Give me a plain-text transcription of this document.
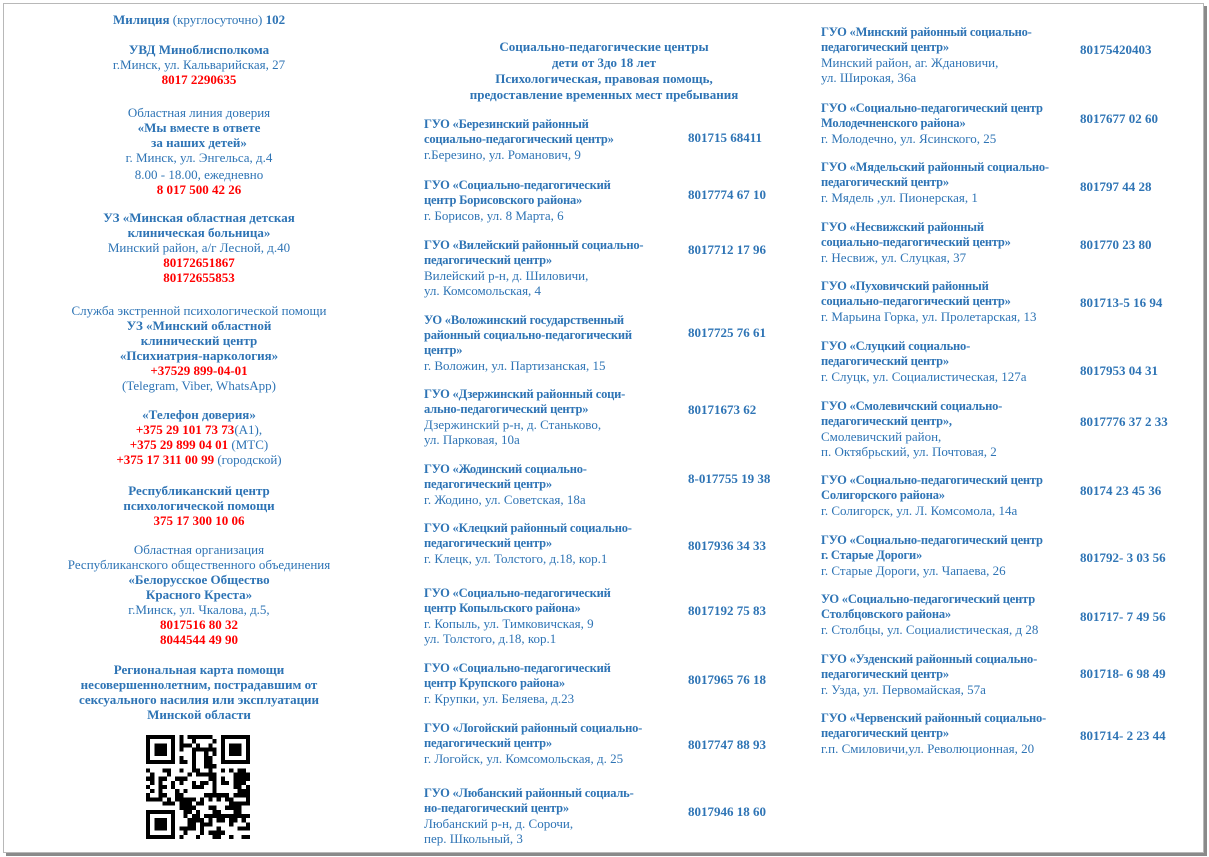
Милиция (круглосуточно) 102
УВД Миноблисполкома
г.Минск, ул. Кальварийская, 27
8017 2290635
Областная линия доверия
«Мы вместе в ответе
за наших детей»
г. Минск, ул. Энгельса, д.4
8.00 - 18.00, ежедневно
8 017 500 42 26
УЗ «Минская областная детская
клиническая больница»
Минский район, а/г Лесной, д.40
80172651867
80172655853
Служба экстренной психологической помощи
УЗ «Минский областной
клинический центр
«Психиатрия-наркология»
+37529 899-04-01
(Telegram, Viber, WhatsApp)
«Телефон доверия»
+375 29 101 73 73(A1),
+375 29 899 04 01 (МТС)
+375 17 311 00 99 (городской)
Республиканский центр
психологической помощи
375 17 300 10 06
Областная организация
Республиканского общественного объединения
«Белорусское Общество
Красного Креста»
г.Минск, ул. Чкалова, д.5,
8017516 80 32
8044544 49 90
Региональная карта помощи
несовершеннолетним, пострадавшим от
сексуального насилия или эксплуатации
Минской области
Социально-педагогические центры
дети от 3до 18 лет
Психологическая, правовая помощь,
предоставление временных мест пребывания
ГУО «Березинский районный
социально-педагогический центр»
г.Березино, ул. Романович, 9
801715 68411
ГУО «Социально-педагогический
центр Борисовского района»
г. Борисов, ул. 8 Марта, 6
8017774 67 10
ГУО «Вилейский районный социально-
педагогический центр»
Вилейский р-н, д. Шиловичи,
ул. Комсомольская, 4
8017712 17 96
УО «Воложинский государственный
районный социально-педагогический
центр»
г. Воложин, ул. Партизанская, 15
8017725 76 61
ГУО «Дзержинский районный соци-
ально-педагогический центр»
Дзержинский р-н, д. Станьково,
ул. Парковая, 10а
80171673 62
ГУО «Жодинский социально-
педагогический центр»
г. Жодино, ул. Советская, 18а
8-017755 19 38
ГУО «Клецкий районный социально-
педагогический центр»
г. Клецк, ул. Толстого, д.18, кор.1
8017936 34 33
ГУО «Социально-педагогический
центр Копыльского района»
г. Копыль, ул. Тимковичская, 9
ул. Толстого, д.18, кор.1
8017192 75 83
ГУО «Социально-педагогический
центр Крупского района»
г. Крупки, ул. Беляева, д.23
8017965 76 18
ГУО «Логойский районный социально-
педагогический центр»
г. Логойск, ул. Комсомольская, д. 25
8017747 88 93
ГУО «Любанский районный социаль-
но-педагогический центр»
Любанский р-н, д. Сорочи,
пер. Школьный, 3
8017946 18 60
ГУО «Минский районный социально-
педагогический центр»
Минский район, аг. Ждановичи,
ул. Широкая, 36а
80175420403
ГУО «Социально-педагогический центр
Молодечненского района»
г. Молодечно, ул. Ясинского, 25
8017677 02 60
ГУО «Мядельский районный социально-
педагогический центр»
г. Мядель ,ул. Пионерская, 1
801797 44 28
ГУО «Несвижский районный
социально-педагогический центр»
г. Несвиж, ул. Слуцкая, 37
801770 23 80
ГУО «Пуховичский районный
социально-педагогический центр»
г. Марьина Горка, ул. Пролетарская, 13
801713-5 16 94
ГУО «Слуцкий социально-
педагогический центр»
г. Слуцк, ул. Социалистическая, 127а	8017953 04 31
ГУО «Смолевичский социально-
педагогический центр»,
Смолевичский район,
п. Октябрьский, ул. Почтовая, 2
8017776 37 2 33
ГУО «Социально-педагогический центр
Солигорского района»
г. Солигорск, ул. Л. Комсомола, 14а
80174 23 45 36
ГУО «Социально-педагогический центр
г. Старые Дороги»
г. Старые Дороги, ул. Чапаева, 26
801792- 3 03 56
УО «Социально-педагогический центр
Столбцовского района»
г. Столбцы, ул. Социалистическая, д 28
801717- 7 49 56
ГУО «Узденский районный социально-
педагогический центр»
г. Узда, ул. Первомайская, 57а
801718- 6 98 49
ГУО «Червенский районный социально-
педагогический центр»
г.п. Смиловичи,ул. Революционная, 20
801714- 2 23 44
